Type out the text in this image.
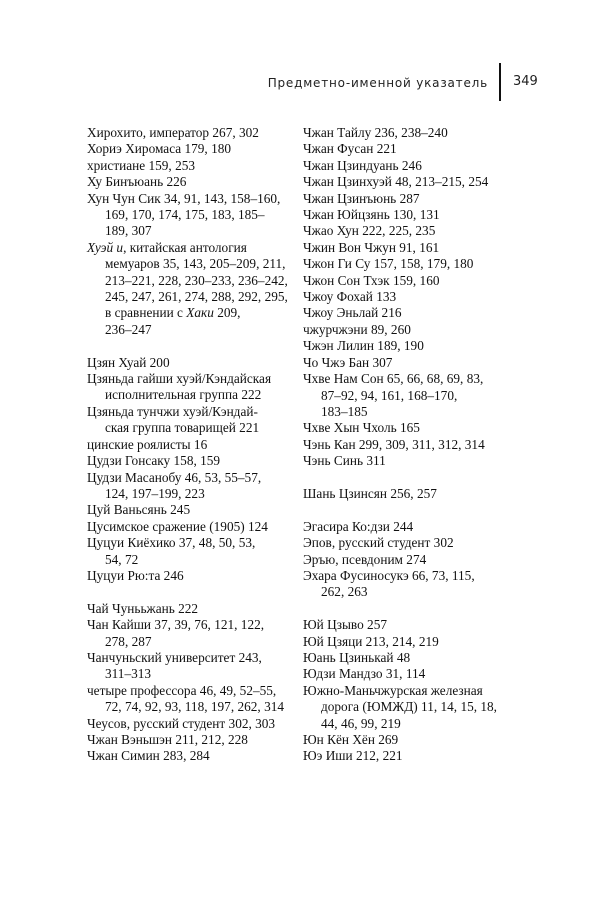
Предметно-именной указатель 349
Хирохито, император 267, 302
Хориэ Хиромаса 179, 180
христиане 159, 253
Ху Бинъюань 226
Хун Чун Сик 34, 91, 143, 158–160,
169, 170, 174, 175, 183, 185–
189, 307
Хуэй и, китайская антология
мемуаров 35, 143, 205–209, 211,
213–221, 228, 230–233, 236–242,
245, 247, 261, 274, 288, 292, 295,
в сравнении с Хаки 209,
236–247
Цзян Хуай 200
Цзяньда гайши хуэй/Кэндайская
исполнительная группа 222
Цзяньда тунчжи хуэй/Кэндай-
ская группа товарищей 221
цинские роялисты 16
Цудзи Гонсаку 158, 159
Цудзи Масанобу 46, 53, 55–57,
124, 197–199, 223
Цуй Ваньсянь 245
Цусимское сражение (1905) 124
Цуцуи Киёхико 37, 48, 50, 53,
54, 72
Цуцуи Рю:та 246
Чай Чунььжань 222
Чан Кайши 37, 39, 76, 121, 122,
278, 287
Чанчуньский университет 243,
311–313
четыре профессора 46, 49, 52–55,
72, 74, 92, 93, 118, 197, 262, 314
Чеусов, русский студент 302, 303
Чжан Вэньшэн 211, 212, 228
Чжан Симин 283, 284
Чжан Тайлу 236, 238–240
Чжан Фусан 221
Чжан Цзиндуань 246
Чжан Цзинхуэй 48, 213–215, 254
Чжан Цзинъюнь 287
Чжан Юйцзянь 130, 131
Чжао Хун 222, 225, 235
Чжин Вон Чжун 91, 161
Чжон Ги Су 157, 158, 179, 180
Чжон Сон Тхэк 159, 160
Чжоу Фохай 133
Чжоу Эньлай 216
чжурчжэни 89, 260
Чжэн Лилин 189, 190
Чо Чжэ Бан 307
Чхве Нам Сон 65, 66, 68, 69, 83,
87–92, 94, 161, 168–170,
183–185
Чхве Хын Чхоль 165
Чэнь Кан 299, 309, 311, 312, 314
Чэнь Синь 311
Шань Цзинсян 256, 257
Эгасира Ко:дзи 244
Эпов, русский студент 302
Эръю, псевдоним 274
Эхара Фусиносукэ 66, 73, 115,
262, 263
Юй Цзыво 257
Юй Цзяци 213, 214, 219
Юань Цзинькай 48
Юдзи Мандзо 31, 114
Южно-Маньчжурская железная
дорога (ЮМЖД) 11, 14, 15, 18,
44, 46, 99, 219
Юн Кён Хён 269
Юэ Иши 212, 221
